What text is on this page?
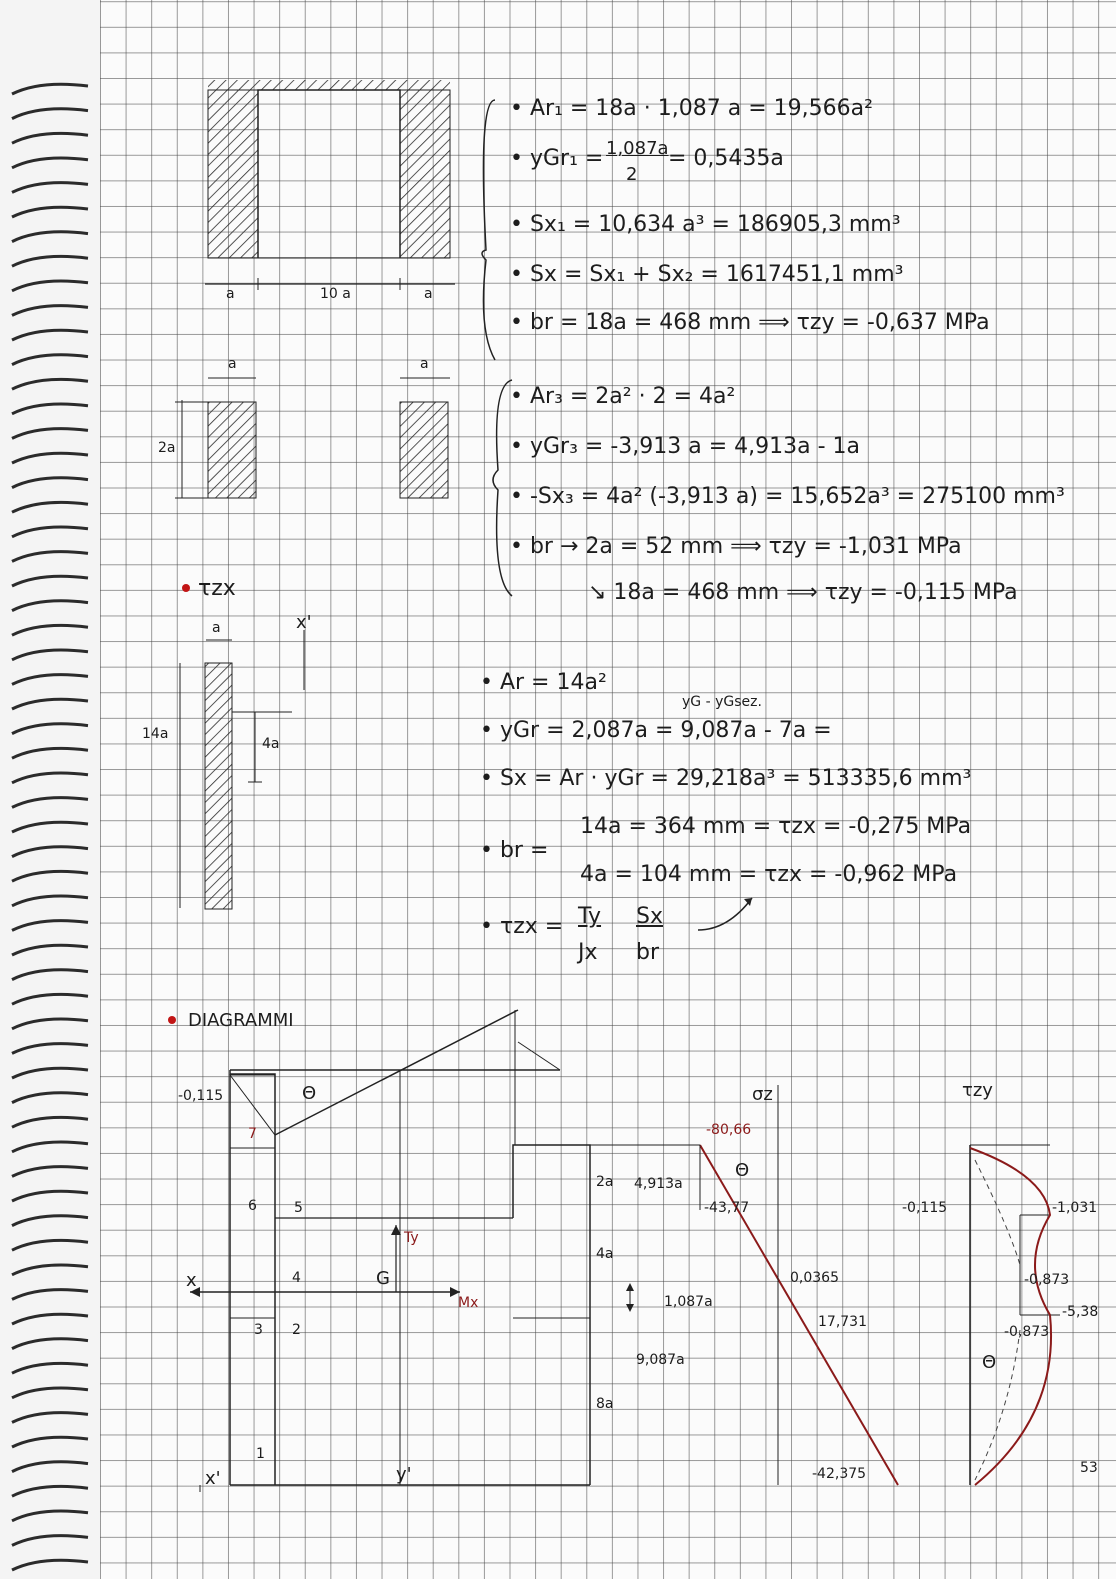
a	10 a	a
a	a
2a
• Ar₁ = 18a · 1,087 a = 19,566a²
• yGr₁ = 1,087a
2
= 0,5435a
• Sx₁ = 10,634 a³ = 186905,3 mm³
• Sx = Sx₁ + Sx₂ = 1617451,1 mm³
• br = 18a = 468 mm ⟹ τzy = -0,637 MPa
• Ar₃ = 2a² · 2 = 4a²
• yGr₃ = -3,913 a = 4,913a - 1a
• -Sx₃ = 4a² (-3,913 a) = 15,652a³ = 275100 mm³
• br → 2a = 52 mm ⟹ τzy = -1,031 MPa
↘ 18a = 468 mm ⟹ τzy = -0,115 MPa
τzx
a
14a
4a
x'
• Ar = 14a²
yG - yGsez.
• yGr = 2,087a = 9,087a - 7a =
• Sx = Ar · yGr = 29,218a³ = 513335,6 mm³
• br =
14a = 364 mm = τzx = -0,275 MPa
4a = 104 mm = τzx = -0,962 MPa
• τzx = Ty
Jx
Sx
br
DIAGRAMMI
Θ
-0,115
1
2
3
4
5
6
7
G
Ty
Mx
x
x'	y'
2a 4,913a
4a
1,087a
9,087a
8a
σz
Θ
-80,66
-43,77
0,0365
17,731
-42,375
τzy
-0,115	-1,031
-0,873
-0,873
-5,38
Θ
53
